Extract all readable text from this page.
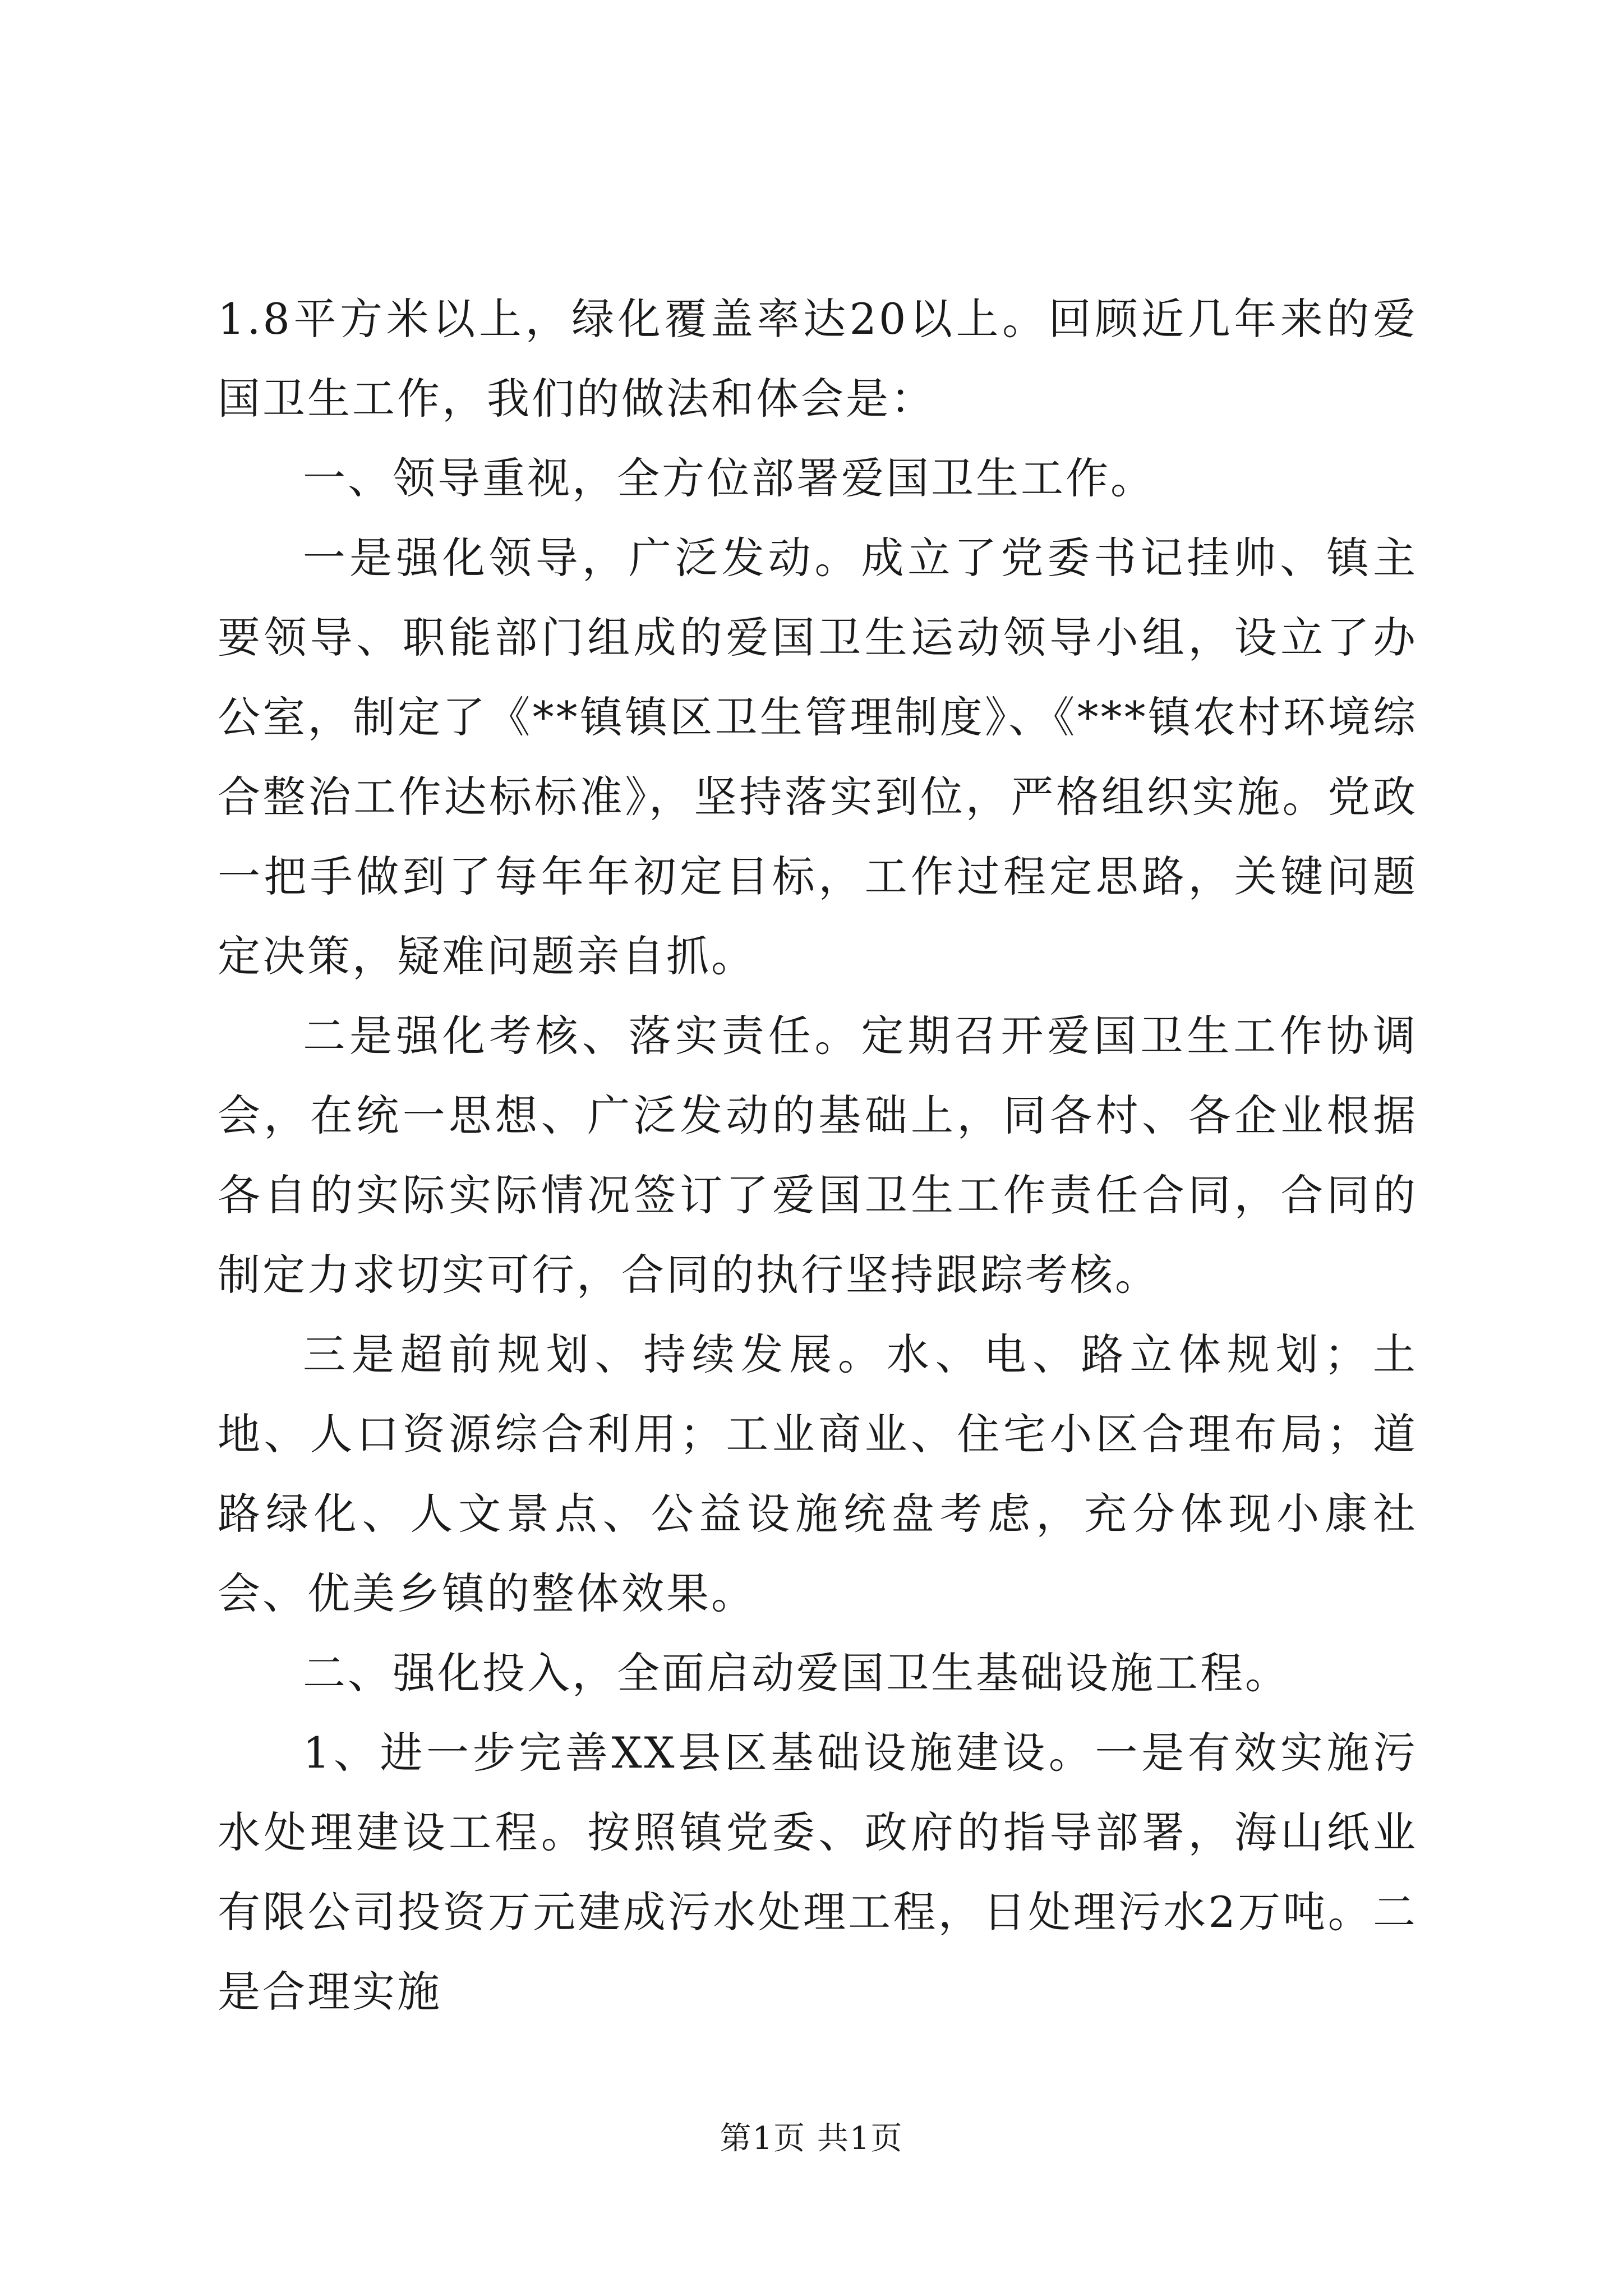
1.8平方米以上，绿化覆盖率达20以上。回顾近几年来的爱国卫生工作，我们的做法和体会是：

一、领导重视，全方位部署爱国卫生工作。

一是强化领导，广泛发动。成立了党委书记挂帅、镇主要领导、职能部门组成的爱国卫生运动领导小组，设立了办公室，制定了《**镇镇区卫生管理制度》、《***镇农村环境综合整治工作达标标准》，坚持落实到位，严格组织实施。党政一把手做到了每年年初定目标，工作过程定思路，关键问题定决策，疑难问题亲自抓。

二是强化考核、落实责任。定期召开爱国卫生工作协调会，在统一思想、广泛发动的基础上，同各村、各企业根据各自的实际实际情况签订了爱国卫生工作责任合同，合同的制定力求切实可行，合同的执行坚持跟踪考核。

三是超前规划、持续发展。水、电、路立体规划；土地、人口资源综合利用；工业商业、住宅小区合理布局；道路绿化、人文景点、公益设施统盘考虑，充分体现小康社会、优美乡镇的整体效果。

二、强化投入，全面启动爱国卫生基础设施工程。

1、进一步完善XX县区基础设施建设。一是有效实施污水处理建设工程。按照镇党委、政府的指导部署，海山纸业有限公司投资万元建成污水处理工程，日处理污水2万吨。二是合理实施

第1页 共1页
